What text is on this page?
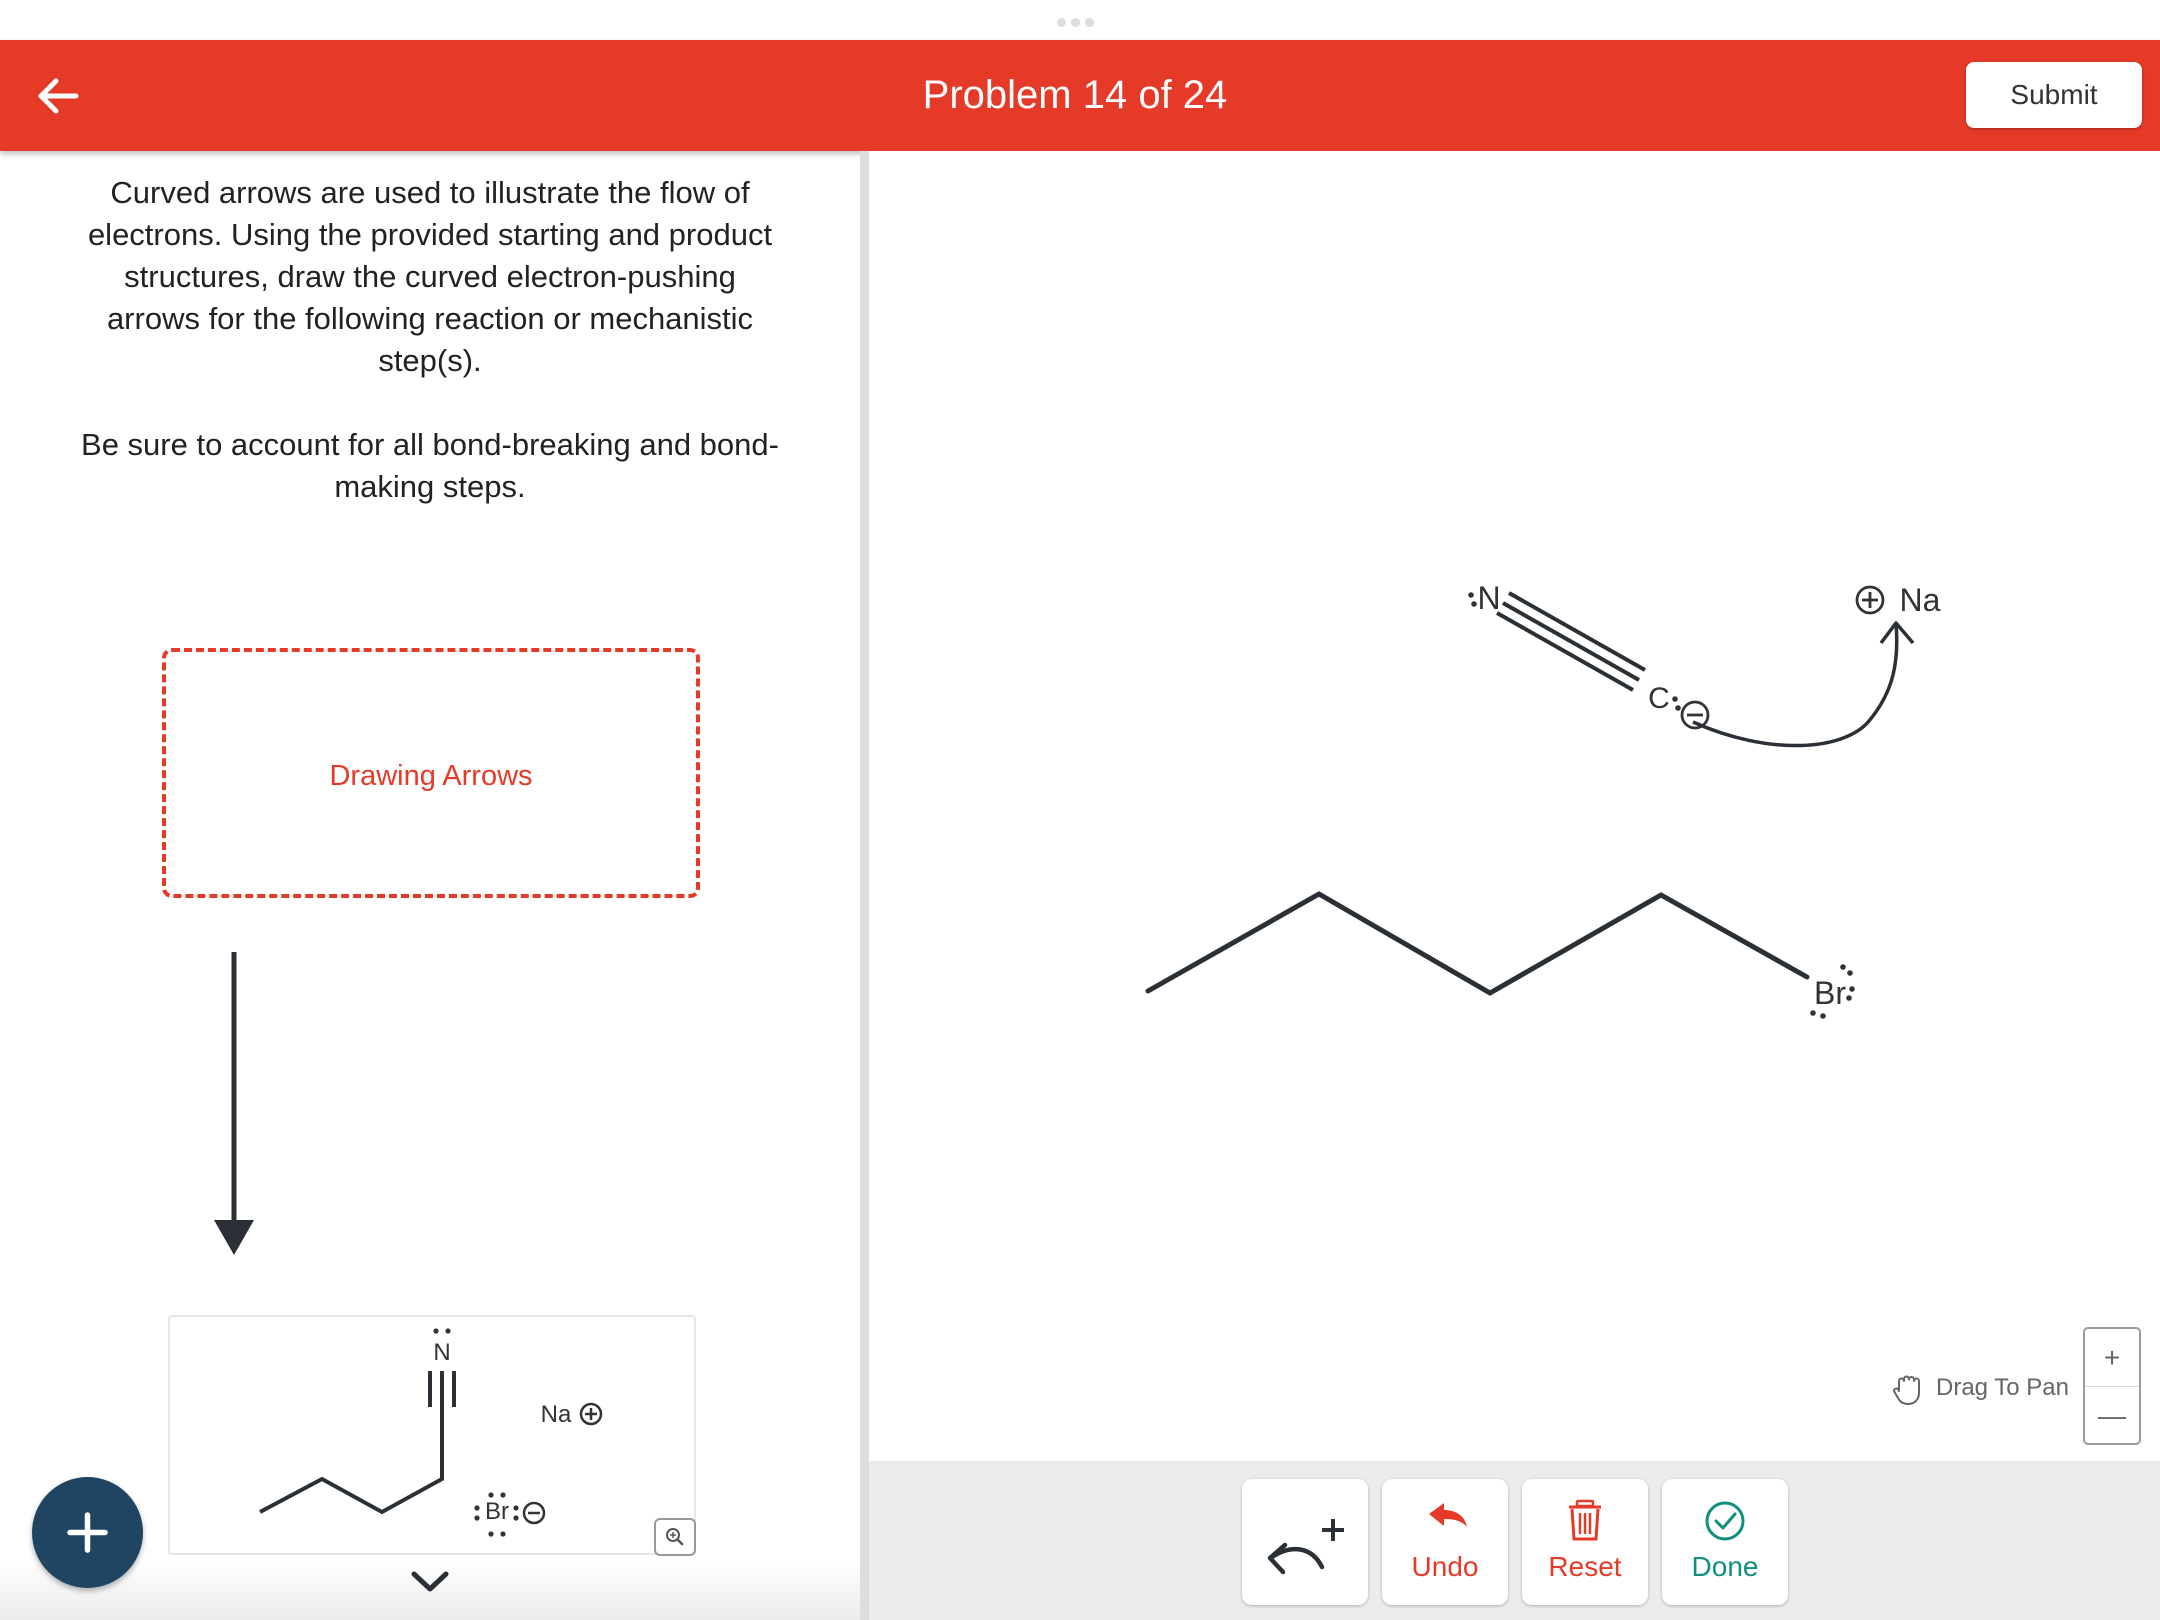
Problem 14 of 24	Submit

Curved arrows are used to illustrate the flow of
electrons. Using the provided starting and product
structures, draw the curved electron-pushing
arrows for the following reaction or mechanistic
step(s).

Be sure to account for all bond-breaking and bond-
making steps.

Drawing Arrows
N
Na
Br
N
C
Na
Br
Drag To Pan
+
—
Undo	Reset	Done
